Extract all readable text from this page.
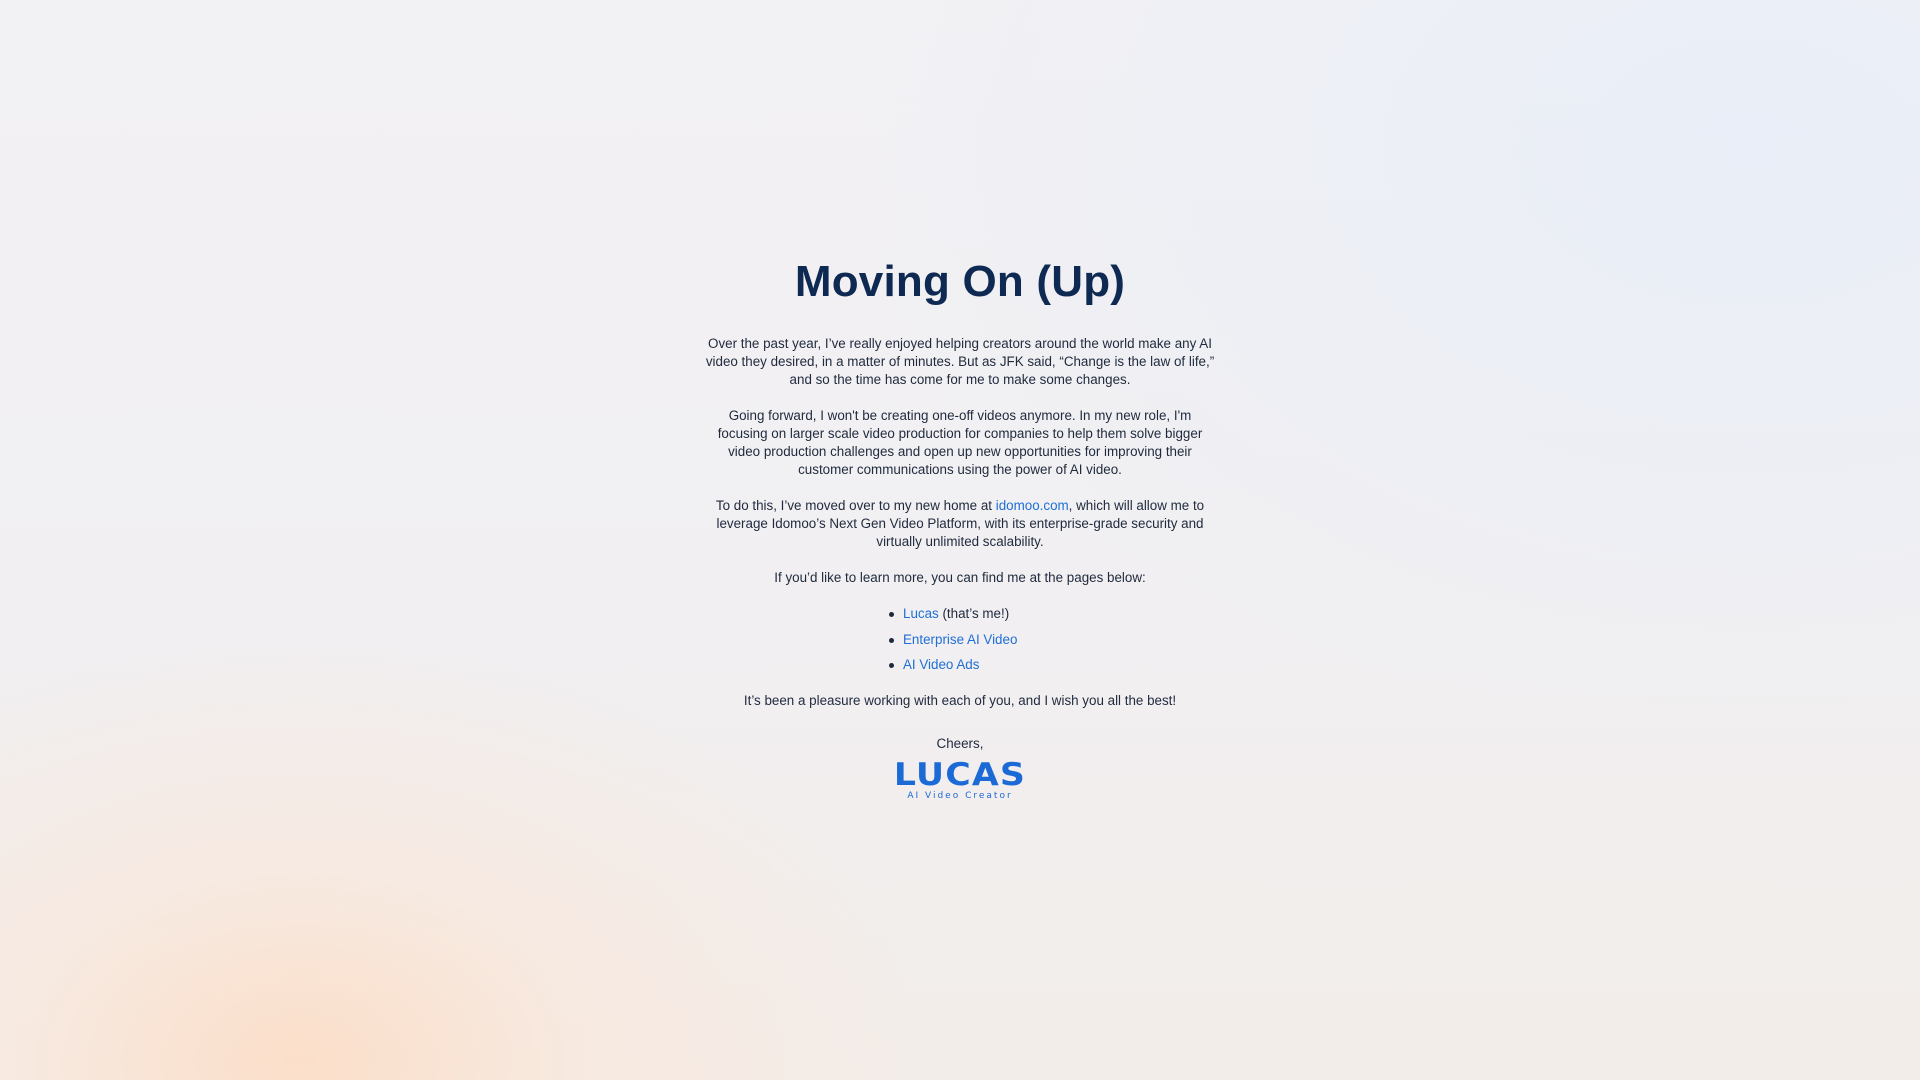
Moving On (Up)

Over the past year, I’ve really enjoyed helping creators around the world make any AI video they desired, in a matter of minutes. But as JFK said, “Change is the law of life,” and so the time has come for me to make some changes.

Going forward, I won't be creating one-off videos anymore. In my new role, I'm focusing on larger scale video production for companies to help them solve bigger video production challenges and open up new opportunities for improving their customer communications using the power of AI video.

To do this, I’ve moved over to my new home at idomoo.com, which will allow me to leverage Idomoo’s Next Gen Video Platform, with its enterprise-grade security and virtually unlimited scalability.

If you’d like to learn more, you can find me at the pages below:

Lucas (that’s me!)
Enterprise AI Video
AI Video Ads

It’s been a pleasure working with each of you, and I wish you all the best!

Cheers,

LUCAS
AI Video Creator
